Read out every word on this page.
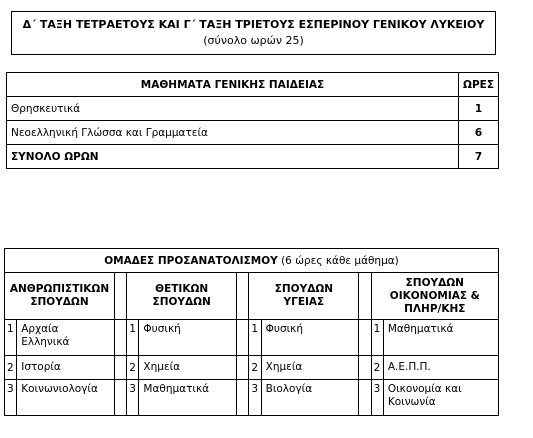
Δ΄ ΤΑΞΗ ΤΕΤΡΑΕΤΟΥΣ ΚΑΙ Γ΄ ΤΑΞΗ ΤΡΙΕΤΟΥΣ ΕΣΠΕΡΙΝΟΥ ΓΕΝΙΚΟΥ ΛΥΚΕΙΟΥ
(σύνολο ωρών 25)
ΜΑΘΗΜΑΤΑ ΓΕΝΙΚΗΣ ΠΑΙΔΕΙΑΣ	ΩΡΕΣ
Θρησκευτικά	1
Νεοελληνική Γλώσσα και Γραμματεία	6
ΣΥΝΟΛΟ ΩΡΩΝ	7
ΟΜΑΔΕΣ ΠΡΟΣΑΝΑΤΟΛΙΣΜΟΥ (6 ώρες κάθε μάθημα)										
ΑΝΘΡΩΠΙΣΤΙΚΩΝ ΣΠΟΥΔΩΝ			ΘΕΤΙΚΩΝ ΣΠΟΥΔΩΝ			ΣΠΟΥΔΩΝ ΥΓΕΙΑΣ			ΣΠΟΥΔΩΝ ΟΙΚΟΝΟΜΙΑΣ & ΠΛΗΡ/ΚΗΣ	
1	Αρχαία Ελληνικά		1	Φυσική		1	Φυσική		1	Μαθηματικά
2	Ιστορία		2	Χημεία		2	Χημεία		2	Α.Ε.Π.Π.
3	Κοινωνιολογία		3	Μαθηματικά		3	Βιολογία		3	Οικονομία και Κοινωνία
